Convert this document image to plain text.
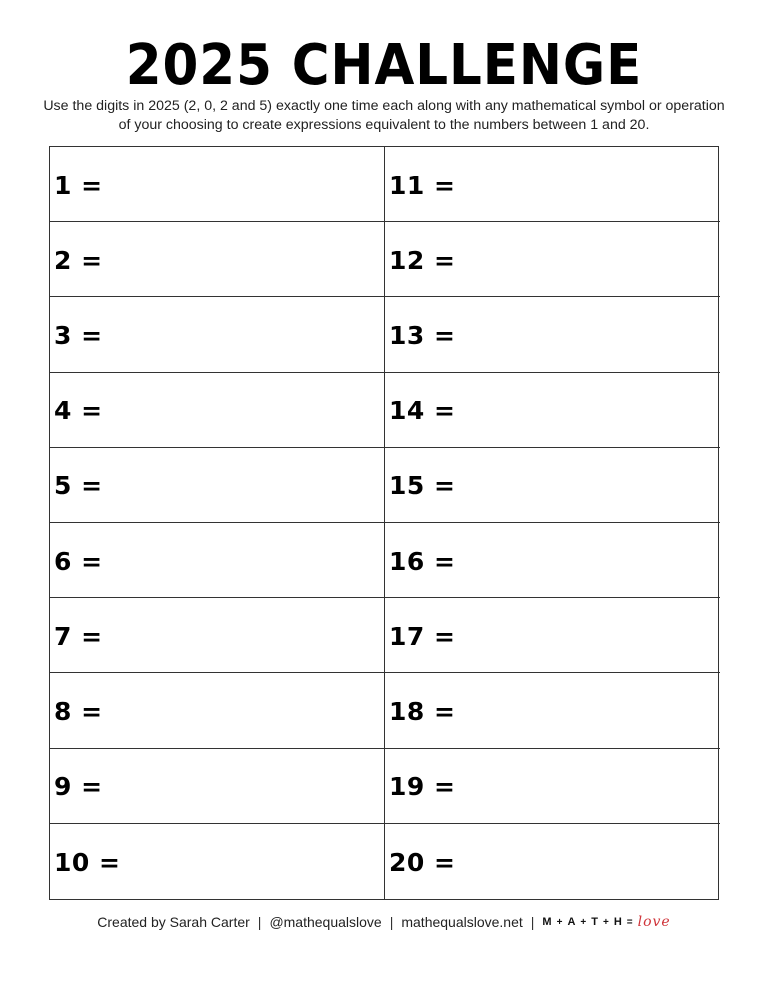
2025 CHALLENGE
Use the digits in 2025 (2, 0, 2 and 5) exactly one time each along with any mathematical symbol or operation of your choosing to create expressions equivalent to the numbers between 1 and 20.
1 =
2 =
3 =
4 =
5 =
6 =
7 =
8 =
9 =
10 =
11 =
12 =
13 =
14 =
15 =
16 =
17 =
18 =
19 =
20 =
Created by Sarah Carter | @mathequalslove | mathequalslove.net | M + A + T + H = love
